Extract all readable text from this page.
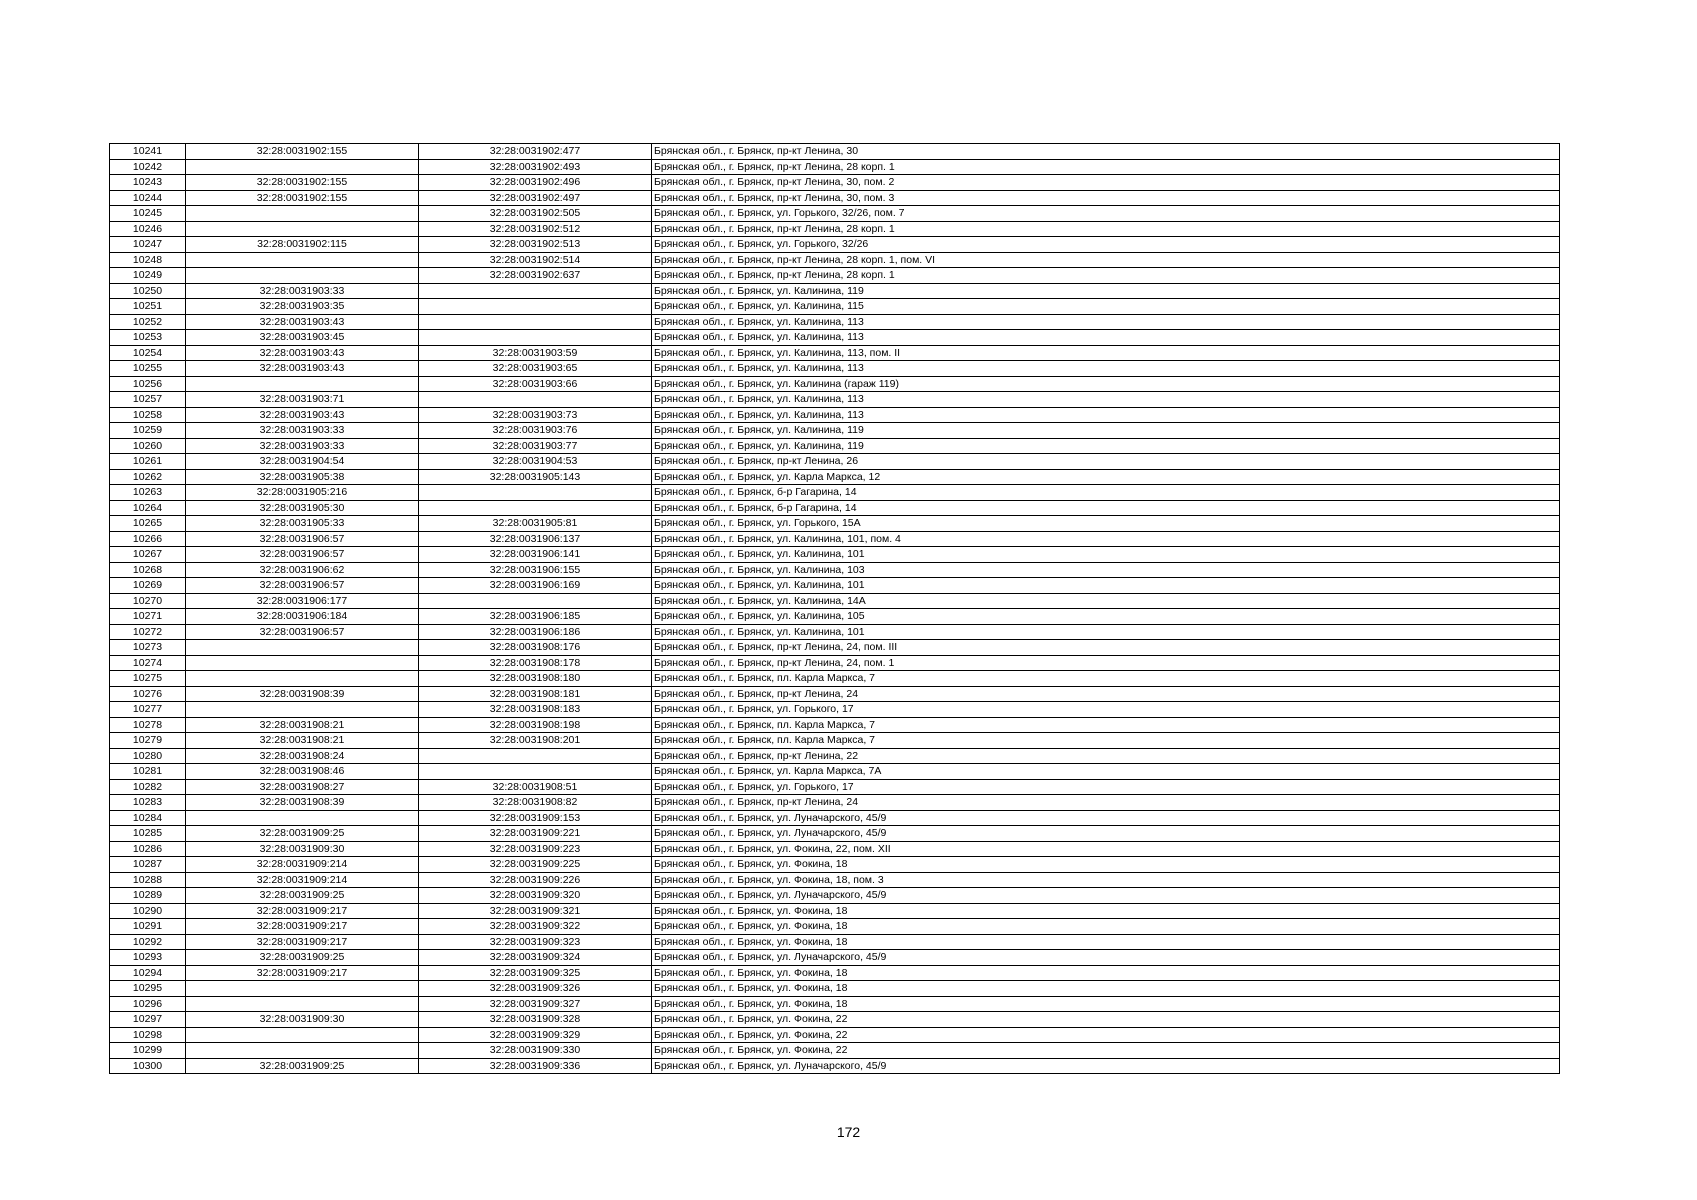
10241	32:28:0031902:155	32:28:0031902:477	Брянская обл., г. Брянск, пр-кт Ленина, 30
10242		32:28:0031902:493	Брянская обл., г. Брянск, пр-кт Ленина, 28 корп. 1
10243	32:28:0031902:155	32:28:0031902:496	Брянская обл., г. Брянск, пр-кт Ленина, 30, пом. 2
10244	32:28:0031902:155	32:28:0031902:497	Брянская обл., г. Брянск, пр-кт Ленина, 30, пом. 3
10245		32:28:0031902:505	Брянская обл., г. Брянск, ул. Горького, 32/26, пом. 7
10246		32:28:0031902:512	Брянская обл., г. Брянск, пр-кт Ленина, 28 корп. 1
10247	32:28:0031902:115	32:28:0031902:513	Брянская обл., г. Брянск, ул. Горького, 32/26
10248		32:28:0031902:514	Брянская обл., г. Брянск, пр-кт Ленина, 28 корп. 1, пом. VI
10249		32:28:0031902:637	Брянская обл., г. Брянск, пр-кт Ленина, 28 корп. 1
10250	32:28:0031903:33		Брянская обл., г. Брянск, ул. Калинина, 119
10251	32:28:0031903:35		Брянская обл., г. Брянск, ул. Калинина, 115
10252	32:28:0031903:43		Брянская обл., г. Брянск, ул. Калинина, 113
10253	32:28:0031903:45		Брянская обл., г. Брянск, ул. Калинина, 113
10254	32:28:0031903:43	32:28:0031903:59	Брянская обл., г. Брянск, ул. Калинина, 113, пом. II
10255	32:28:0031903:43	32:28:0031903:65	Брянская обл., г. Брянск, ул. Калинина, 113
10256		32:28:0031903:66	Брянская обл., г. Брянск, ул. Калинина (гараж 119)
10257	32:28:0031903:71		Брянская обл., г. Брянск, ул. Калинина, 113
10258	32:28:0031903:43	32:28:0031903:73	Брянская обл., г. Брянск, ул. Калинина, 113
10259	32:28:0031903:33	32:28:0031903:76	Брянская обл., г. Брянск, ул. Калинина, 119
10260	32:28:0031903:33	32:28:0031903:77	Брянская обл., г. Брянск, ул. Калинина, 119
10261	32:28:0031904:54	32:28:0031904:53	Брянская обл., г. Брянск, пр-кт Ленина, 26
10262	32:28:0031905:38	32:28:0031905:143	Брянская обл., г. Брянск, ул. Карла Маркса, 12
10263	32:28:0031905:216		Брянская обл., г. Брянск, б-р Гагарина, 14
10264	32:28:0031905:30		Брянская обл., г. Брянск, б-р Гагарина, 14
10265	32:28:0031905:33	32:28:0031905:81	Брянская обл., г. Брянск, ул. Горького, 15А
10266	32:28:0031906:57	32:28:0031906:137	Брянская обл., г. Брянск, ул. Калинина, 101, пом. 4
10267	32:28:0031906:57	32:28:0031906:141	Брянская обл., г. Брянск, ул. Калинина, 101
10268	32:28:0031906:62	32:28:0031906:155	Брянская обл., г. Брянск, ул. Калинина, 103
10269	32:28:0031906:57	32:28:0031906:169	Брянская обл., г. Брянск, ул. Калинина, 101
10270	32:28:0031906:177		Брянская обл., г. Брянск, ул. Калинина, 14А
10271	32:28:0031906:184	32:28:0031906:185	Брянская обл., г. Брянск, ул. Калинина, 105
10272	32:28:0031906:57	32:28:0031906:186	Брянская обл., г. Брянск, ул. Калинина, 101
10273		32:28:0031908:176	Брянская обл., г. Брянск, пр-кт Ленина, 24, пом. III
10274		32:28:0031908:178	Брянская обл., г. Брянск, пр-кт Ленина, 24, пом. 1
10275		32:28:0031908:180	Брянская обл., г. Брянск, пл. Карла Маркса, 7
10276	32:28:0031908:39	32:28:0031908:181	Брянская обл., г. Брянск, пр-кт Ленина, 24
10277		32:28:0031908:183	Брянская обл., г. Брянск, ул. Горького, 17
10278	32:28:0031908:21	32:28:0031908:198	Брянская обл., г. Брянск, пл. Карла Маркса, 7
10279	32:28:0031908:21	32:28:0031908:201	Брянская обл., г. Брянск, пл. Карла Маркса, 7
10280	32:28:0031908:24		Брянская обл., г. Брянск, пр-кт Ленина, 22
10281	32:28:0031908:46		Брянская обл., г. Брянск, ул. Карла Маркса, 7А
10282	32:28:0031908:27	32:28:0031908:51	Брянская обл., г. Брянск, ул. Горького, 17
10283	32:28:0031908:39	32:28:0031908:82	Брянская обл., г. Брянск, пр-кт Ленина, 24
10284		32:28:0031909:153	Брянская обл., г. Брянск, ул. Луначарского, 45/9
10285	32:28:0031909:25	32:28:0031909:221	Брянская обл., г. Брянск, ул. Луначарского, 45/9
10286	32:28:0031909:30	32:28:0031909:223	Брянская обл., г. Брянск, ул. Фокина, 22, пом. XII
10287	32:28:0031909:214	32:28:0031909:225	Брянская обл., г. Брянск, ул. Фокина, 18
10288	32:28:0031909:214	32:28:0031909:226	Брянская обл., г. Брянск, ул. Фокина, 18, пом. 3
10289	32:28:0031909:25	32:28:0031909:320	Брянская обл., г. Брянск, ул. Луначарского, 45/9
10290	32:28:0031909:217	32:28:0031909:321	Брянская обл., г. Брянск, ул. Фокина, 18
10291	32:28:0031909:217	32:28:0031909:322	Брянская обл., г. Брянск, ул. Фокина, 18
10292	32:28:0031909:217	32:28:0031909:323	Брянская обл., г. Брянск, ул. Фокина, 18
10293	32:28:0031909:25	32:28:0031909:324	Брянская обл., г. Брянск, ул. Луначарского, 45/9
10294	32:28:0031909:217	32:28:0031909:325	Брянская обл., г. Брянск, ул. Фокина, 18
10295		32:28:0031909:326	Брянская обл., г. Брянск, ул. Фокина, 18
10296		32:28:0031909:327	Брянская обл., г. Брянск, ул. Фокина, 18
10297	32:28:0031909:30	32:28:0031909:328	Брянская обл., г. Брянск, ул. Фокина, 22
10298		32:28:0031909:329	Брянская обл., г. Брянск, ул. Фокина, 22
10299		32:28:0031909:330	Брянская обл., г. Брянск, ул. Фокина, 22
10300	32:28:0031909:25	32:28:0031909:336	Брянская обл., г. Брянск, ул. Луначарского, 45/9
172
